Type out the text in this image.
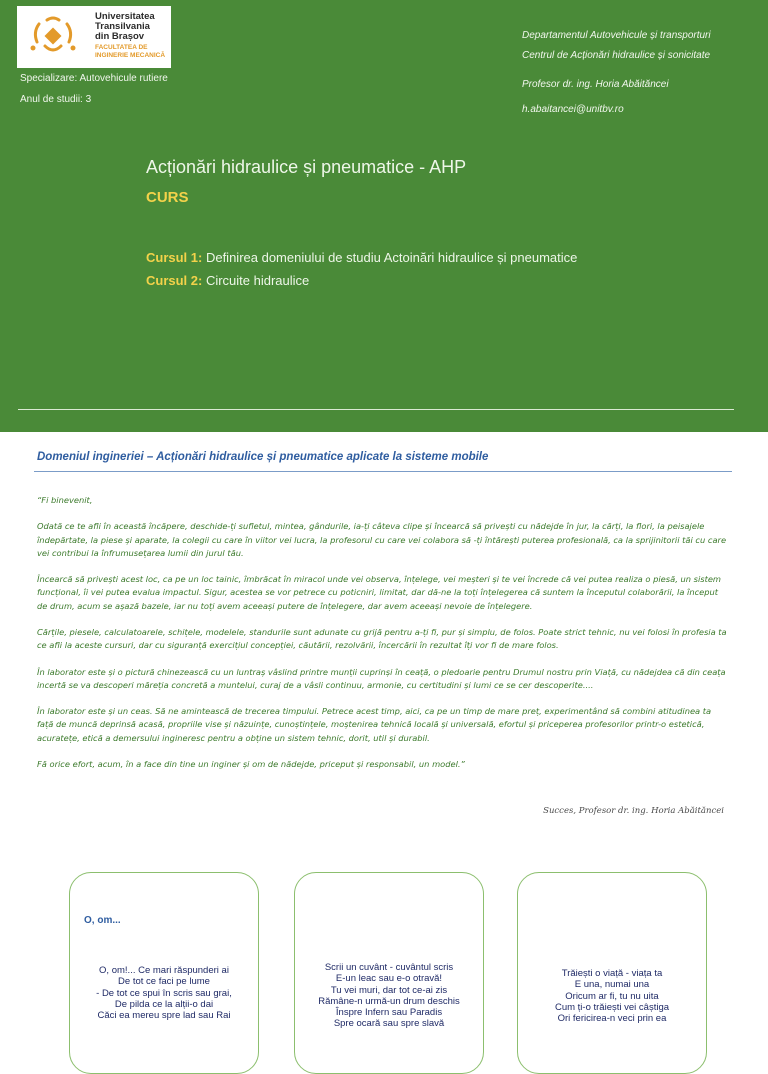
Universitatea
Transilvania
din Brașov
FACULTATEA DE
INGINERIE MECANICĂ
Specializare: Autovehicule rutiere
Anul de studii: 3
Departamentul Autovehicule și transporturi
Centrul de Acționări hidraulice și sonicitate
Profesor dr. ing. Horia Abăităncei
h.abaitancei@unitbv.ro
Acționări hidraulice și pneumatice - AHP
CURS
Cursul 1: Definirea domeniului de studiu Actoinări hidraulice și pneumatice
Cursul 2: Circuite hidraulice
Domeniul ingineriei – Acționări hidraulice și pneumatice aplicate la sisteme mobile

“Fi binevenit,

Odată ce te afli în această încăpere, deschide-ți sufletul, mintea, gândurile, ia-ți câteva clipe și încearcă să privești cu nădejde în jur, la cărți, la flori, la peisajele îndepărtate, la piese și aparate, la colegii cu care în viitor vei lucra, la profesorul cu care vei colabora să -ți întărești puterea profesională, ca la sprijinitorii tăi cu care vei contribui la înfrumusețarea lumii din jurul tău.

Încearcă să privești acest loc, ca pe un loc tainic, îmbrăcat în miracol unde vei observa, înțelege, vei meșteri și te vei încrede că vei putea realiza o piesă, un sistem funcțional, îi vei putea evalua impactul. Sigur, acestea se vor petrece cu poticniri, limitat, dar dă-ne la toți înțelegerea că suntem la începutul colaborării, la început de drum, acum se așază bazele, iar nu toți avem aceeași putere de înțelegere, dar avem aceeași nevoie de înțelegere.

Cărțile, piesele, calculatoarele, schițele, modelele, standurile sunt adunate cu grijă pentru a-ți fi, pur și simplu, de folos. Poate strict tehnic, nu vei folosi în profesia ta ce afli la aceste cursuri, dar cu siguranță exercițiul concepției, căutării, rezolvării, încercării în rezultat îți vor fi de mare folos.

În laborator este și o pictură chinezească cu un luntraș vâslind printre munții cuprinși în ceață, o pledoarie pentru Drumul nostru prin Viață, cu nădejdea că din ceața incertă se va descoperi măreția concretă a muntelui, curaj de a vâsli continuu, armonie, cu certitudini și lumi ce se cer descoperite....

În laborator este și un ceas. Să ne amintească de trecerea timpului. Petrece acest timp, aici, ca pe un timp de mare preț, experimentând să combini atitudinea ta față de muncă deprinsă acasă, propriile vise și năzuințe, cunoștințele, moștenirea tehnică locală și universală, efortul și priceperea profesorilor printr-o estetică, acuratețe, etică a demersului ingineresc pentru a obține un sistem tehnic, dorit, util și durabil.

Fă orice efort, acum, în a face din tine un inginer și om de nădejde, priceput și responsabil, un model.”

Succes, Profesor dr. ing. Horia Abăităncei
O, om...
O, om!... Ce mari răspunderi ai
De tot ce faci pe lume
- De tot ce spui în scris sau grai,
De pilda ce la alții-o dai
Căci ea mereu spre lad sau Rai
Scrii un cuvânt - cuvântul scris
E-un leac sau e-o otravă!
Tu vei muri, dar tot ce-ai zis
Rămâne-n urmă-un drum deschis
Înspre Infern sau Paradis
Spre ocară sau spre slavă
Trăiești o viață - viața ta
E una, numai una
Oricum ar fi, tu nu uita
Cum ți-o trăiești vei câștiga
Ori fericirea-n veci prin ea
